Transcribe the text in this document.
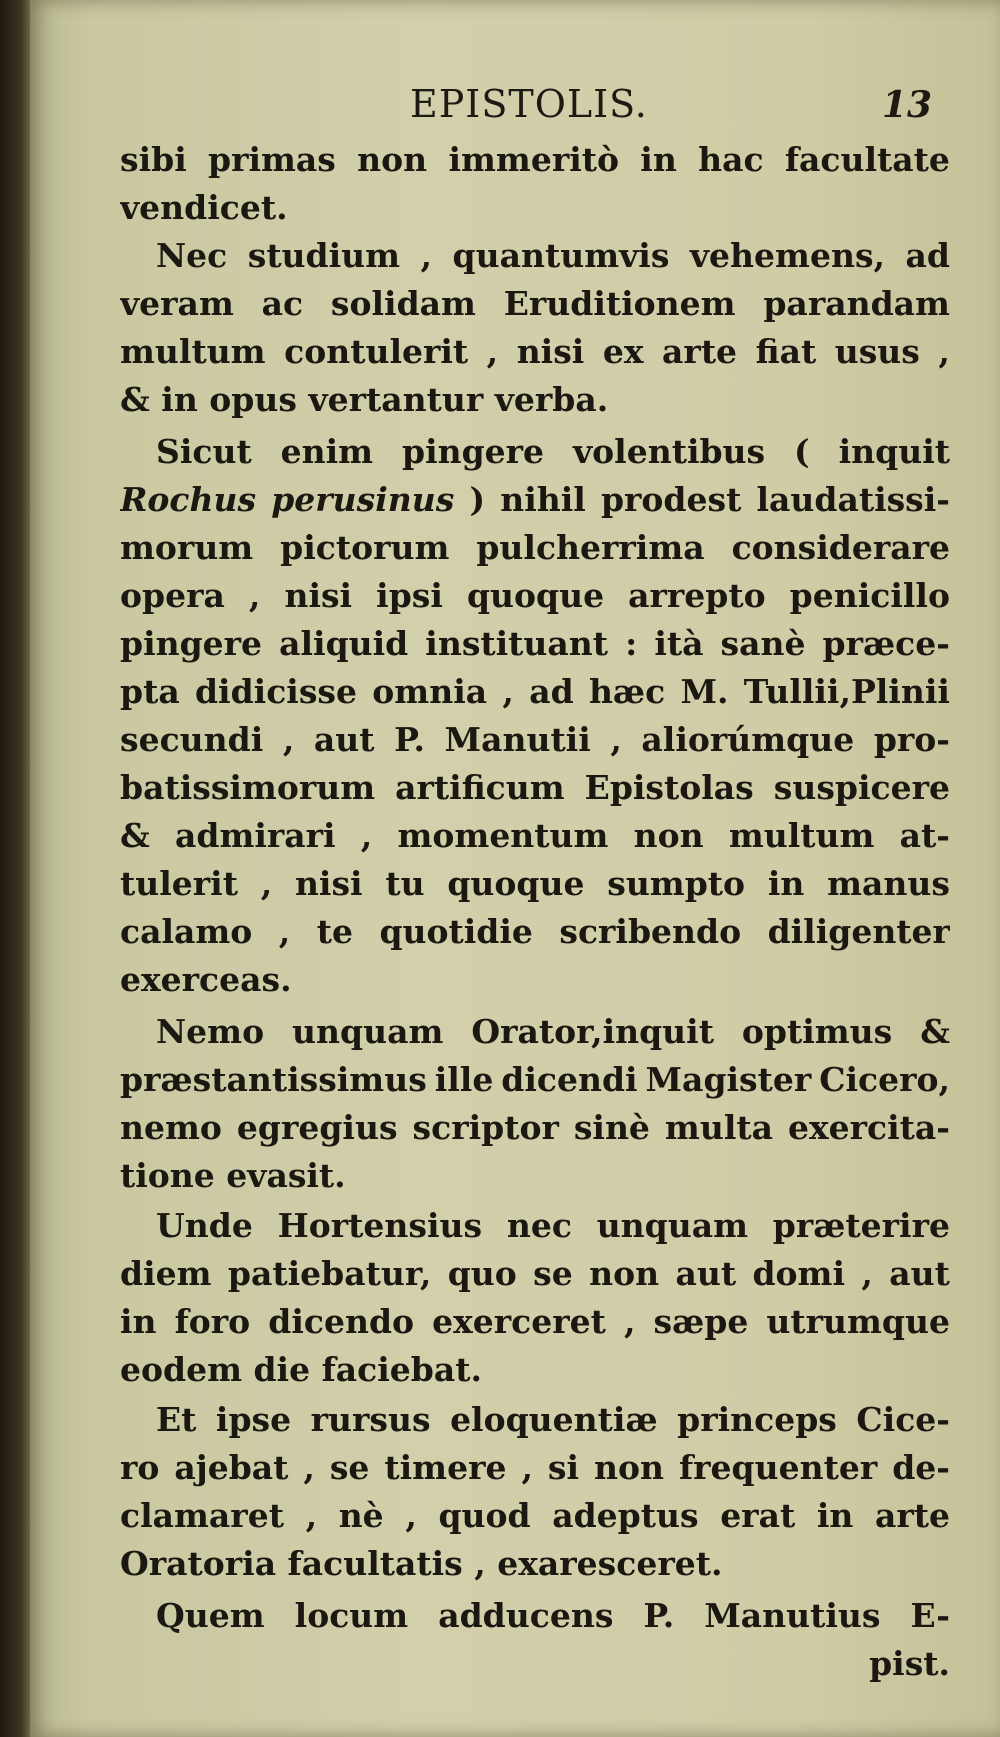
EPISTOLIS.	13
sibi primas non immeritò in hac facultate
vendicet.
Nec studium , quantumvis vehemens, ad
veram ac solidam Eruditionem parandam
multum contulerit , nisi ex arte fiat usus ,
& in opus vertantur verba.
Sicut enim pingere volentibus ( inquit
Rochus perusinus ) nihil prodest laudatissi-
morum pictorum pulcherrima considerare
opera , nisi ipsi quoque arrepto penicillo
pingere aliquid instituant : ità sanè præce-
pta didicisse omnia , ad hæc M. Tullii,Plinii
secundi , aut P. Manutii , aliorúmque pro-
batissimorum artificum Epistolas suspicere
& admirari , momentum non multum at-
tulerit , nisi tu quoque sumpto in manus
calamo , te quotidie scribendo diligenter
exerceas.
Nemo unquam Orator,inquit optimus &
præstantissimus ille dicendi Magister Cicero,
nemo egregius scriptor sinè multa exercita-
tione evasit.
Unde Hortensius nec unquam præterire
diem patiebatur, quo se non aut domi , aut
in foro dicendo exerceret , sæpe utrumque
eodem die faciebat.
Et ipse rursus eloquentiæ princeps Cice-
ro ajebat , se timere , si non frequenter de-
clamaret , nè , quod adeptus erat in arte
Oratoria facultatis , exaresceret.
Quem locum adducens P. Manutius E-
pist.
